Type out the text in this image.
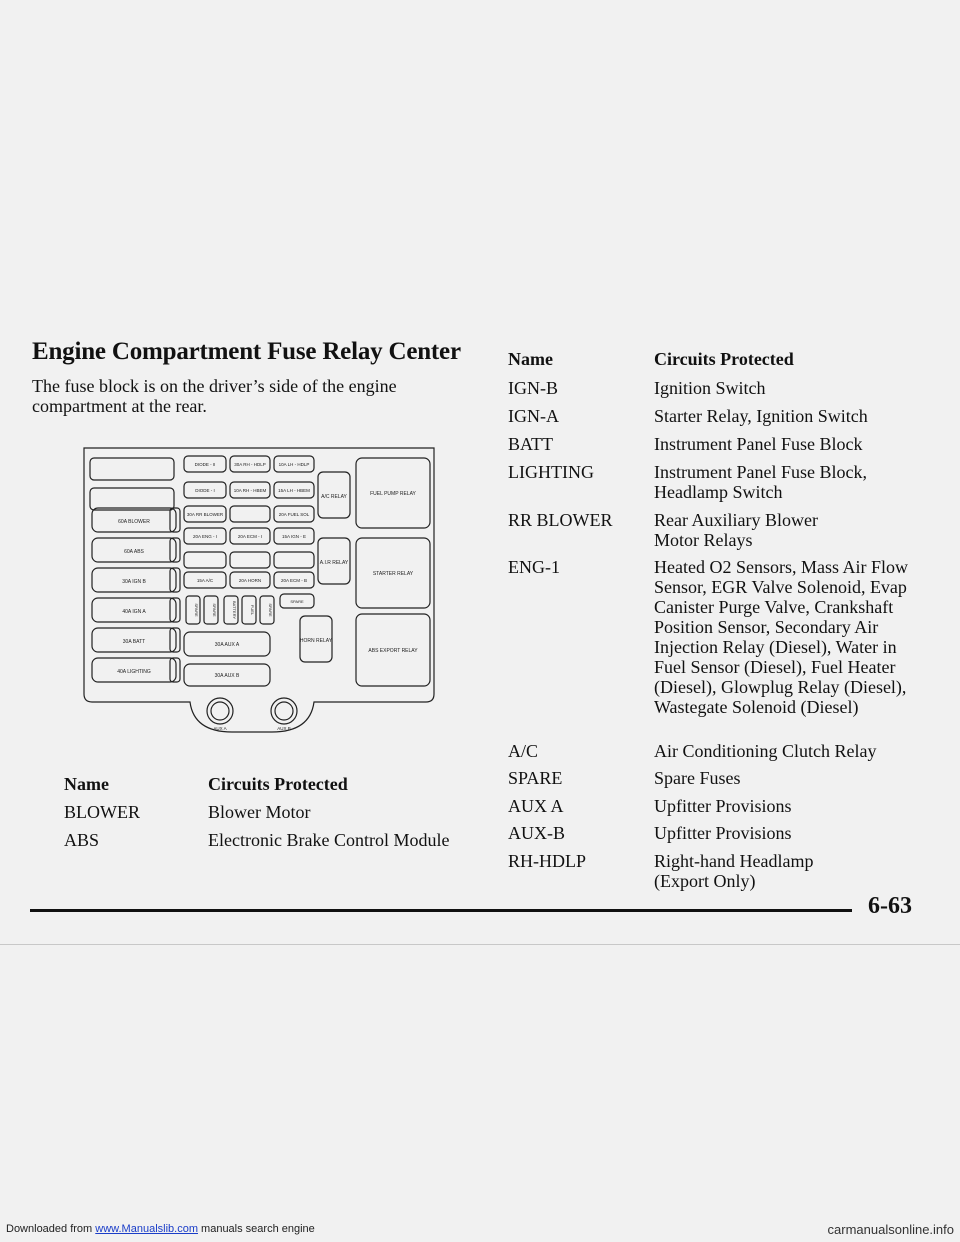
Downloaded from www.Manualslib.com manuals search engine	carmanualsonline.info
Engine Compartment Fuse Relay Center
The fuse block is on the driver’s side of the engine compartment at the rear.
60A BLOWER
60A ABS
30A IGN B
40A IGN A
30A BATT
40A LIGHTING
DIODE - II	30A RH - HDLP	10A LH - HDLP
DIODE - I	10A RH - HBEM	15A LH - HBEM
30A RR BLOWER	20A FUEL SOL
20A ENG - I	20A ECM - I	15A IGN - E
15A A/C	20A HORN	20A ECM - B
SPARE	SPARE	BATTERY	FUEL	SPARE
SPARE
30A AUX A
30A AUX B
A/C RELAY
A.I.R RELAY
HORN RELAY
FUEL PUMP RELAY
STARTER RELAY
ABS EXPORT RELAY
AUX A	AUX B
Name	Circuits Protected
BLOWER	Blower Motor
ABS	Electronic Brake Control Module
Name	Circuits Protected
IGN-B	Ignition Switch
IGN-A	Starter Relay, Ignition Switch
BATT	Instrument Panel Fuse Block
LIGHTING	Instrument Panel Fuse Block, Headlamp Switch
RR BLOWER	Rear Auxiliary Blower Motor Relays
ENG-1	Heated O2 Sensors, Mass Air Flow Sensor, EGR Valve Solenoid, Evap Canister Purge Valve, Crankshaft Position Sensor, Secondary Air Injection Relay (Diesel), Water in Fuel Sensor (Diesel), Fuel Heater (Diesel), Glowplug Relay (Diesel), Wastegate Solenoid (Diesel)
A/C	Air Conditioning Clutch Relay
SPARE	Spare Fuses
AUX A	Upfitter Provisions
AUX-B	Upfitter Provisions
RH-HDLP	Right-hand Headlamp (Export Only)
6-63
